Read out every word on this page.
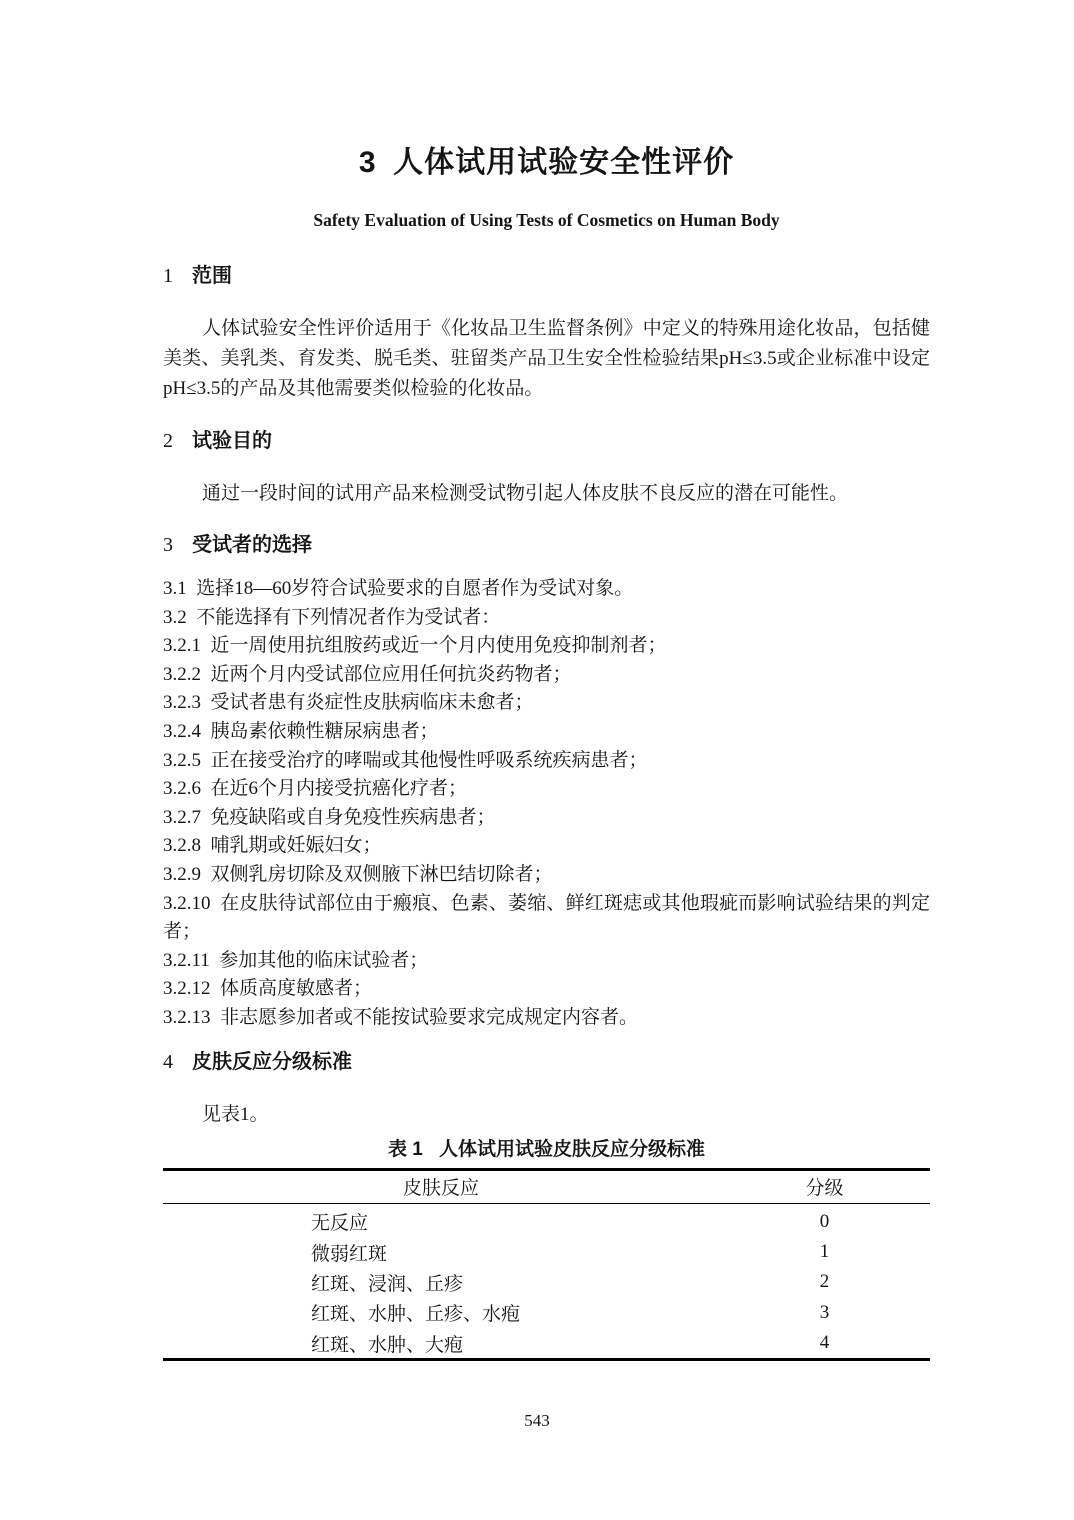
3 人体试用试验安全性评价
Safety Evaluation of Using Tests of Cosmetics on Human Body
1 范围

人体试验安全性评价适用于《化妆品卫生监督条例》中定义的特殊用途化妆品，包括健美类、美乳类、育发类、脱毛类、驻留类产品卫生安全性检验结果pH≤3.5或企业标准中设定pH≤3.5的产品及其他需要类似检验的化妆品。

2 试验目的

通过一段时间的试用产品来检测受试物引起人体皮肤不良反应的潜在可能性。

3 受试者的选择
3.1 选择18—60岁符合试验要求的自愿者作为受试对象。
3.2 不能选择有下列情况者作为受试者：
3.2.1 近一周使用抗组胺药或近一个月内使用免疫抑制剂者；
3.2.2 近两个月内受试部位应用任何抗炎药物者；
3.2.3 受试者患有炎症性皮肤病临床未愈者；
3.2.4 胰岛素依赖性糖尿病患者；
3.2.5 正在接受治疗的哮喘或其他慢性呼吸系统疾病患者；
3.2.6 在近6个月内接受抗癌化疗者；
3.2.7 免疫缺陷或自身免疫性疾病患者；
3.2.8 哺乳期或妊娠妇女；
3.2.9 双侧乳房切除及双侧腋下淋巴结切除者；
3.2.10 在皮肤待试部位由于瘢痕、色素、萎缩、鲜红斑痣或其他瑕疵而影响试验结果的判定者；
3.2.11 参加其他的临床试验者；
3.2.12 体质高度敏感者；
3.2.13 非志愿参加者或不能按试验要求完成规定内容者。
4 皮肤反应分级标准

见表1。

表 1 人体试用试验皮肤反应分级标准
皮肤反应	分级
无反应	0
微弱红斑	1
红斑、浸润、丘疹	2
红斑、水肿、丘疹、水疱	3
红斑、水肿、大疱	4
543
